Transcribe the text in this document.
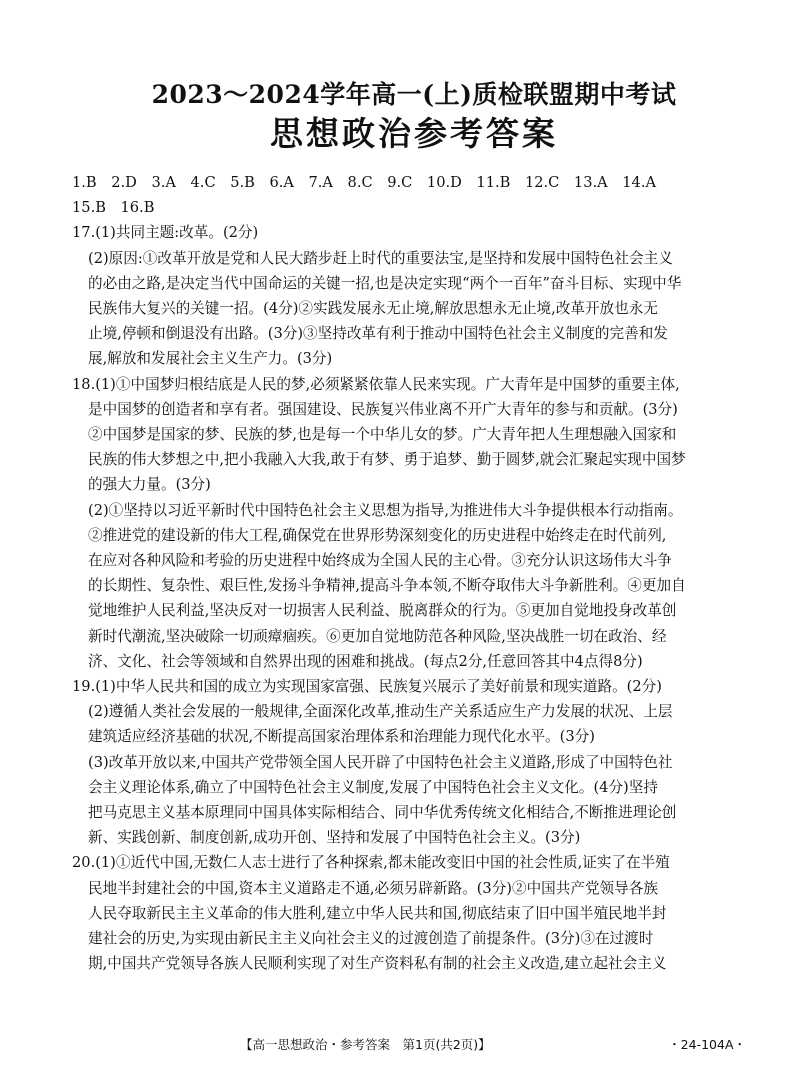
2023～2024学年高一(上)质检联盟期中考试
思想政治参考答案
1.B　2.D　3.A　4.C　5.B　6.A　7.A　8.C　9.C　10.D　11.B　12.C　13.A　14.A
15.B　16.B
17.(1)共同主题:改革。(2分)
(2)原因:①改革开放是党和人民大踏步赶上时代的重要法宝,是坚持和发展中国特色社会主义
的必由之路,是决定当代中国命运的关键一招,也是决定实现“两个一百年”奋斗目标、实现中华
民族伟大复兴的关键一招。(4分)②实践发展永无止境,解放思想永无止境,改革开放也永无
止境,停顿和倒退没有出路。(3分)③坚持改革有利于推动中国特色社会主义制度的完善和发
展,解放和发展社会主义生产力。(3分)
18.(1)①中国梦归根结底是人民的梦,必须紧紧依靠人民来实现。广大青年是中国梦的重要主体,
是中国梦的创造者和享有者。强国建设、民族复兴伟业离不开广大青年的参与和贡献。(3分)
②中国梦是国家的梦、民族的梦,也是每一个中华儿女的梦。广大青年把人生理想融入国家和
民族的伟大梦想之中,把小我融入大我,敢于有梦、勇于追梦、勤于圆梦,就会汇聚起实现中国梦
的强大力量。(3分)
(2)①坚持以习近平新时代中国特色社会主义思想为指导,为推进伟大斗争提供根本行动指南。
②推进党的建设新的伟大工程,确保党在世界形势深刻变化的历史进程中始终走在时代前列,
在应对各种风险和考验的历史进程中始终成为全国人民的主心骨。③充分认识这场伟大斗争
的长期性、复杂性、艰巨性,发扬斗争精神,提高斗争本领,不断夺取伟大斗争新胜利。④更加自
觉地维护人民利益,坚决反对一切损害人民利益、脱离群众的行为。⑤更加自觉地投身改革创
新时代潮流,坚决破除一切顽瘴痼疾。⑥更加自觉地防范各种风险,坚决战胜一切在政治、经
济、文化、社会等领域和自然界出现的困难和挑战。(每点2分,任意回答其中4点得8分)
19.(1)中华人民共和国的成立为实现国家富强、民族复兴展示了美好前景和现实道路。(2分)
(2)遵循人类社会发展的一般规律,全面深化改革,推动生产关系适应生产力发展的状况、上层
建筑适应经济基础的状况,不断提高国家治理体系和治理能力现代化水平。(3分)
(3)改革开放以来,中国共产党带领全国人民开辟了中国特色社会主义道路,形成了中国特色社
会主义理论体系,确立了中国特色社会主义制度,发展了中国特色社会主义文化。(4分)坚持
把马克思主义基本原理同中国具体实际相结合、同中华优秀传统文化相结合,不断推进理论创
新、实践创新、制度创新,成功开创、坚持和发展了中国特色社会主义。(3分)
20.(1)①近代中国,无数仁人志士进行了各种探索,都未能改变旧中国的社会性质,证实了在半殖
民地半封建社会的中国,资本主义道路走不通,必须另辟新路。(3分)②中国共产党领导各族
人民夺取新民主主义革命的伟大胜利,建立中华人民共和国,彻底结束了旧中国半殖民地半封
建社会的历史,为实现由新民主主义向社会主义的过渡创造了前提条件。(3分)③在过渡时
期,中国共产党领导各族人民顺利实现了对生产资料私有制的社会主义改造,建立起社会主义
【高一思想政治・参考答案　第1页(共2页)】	・24-104A・
